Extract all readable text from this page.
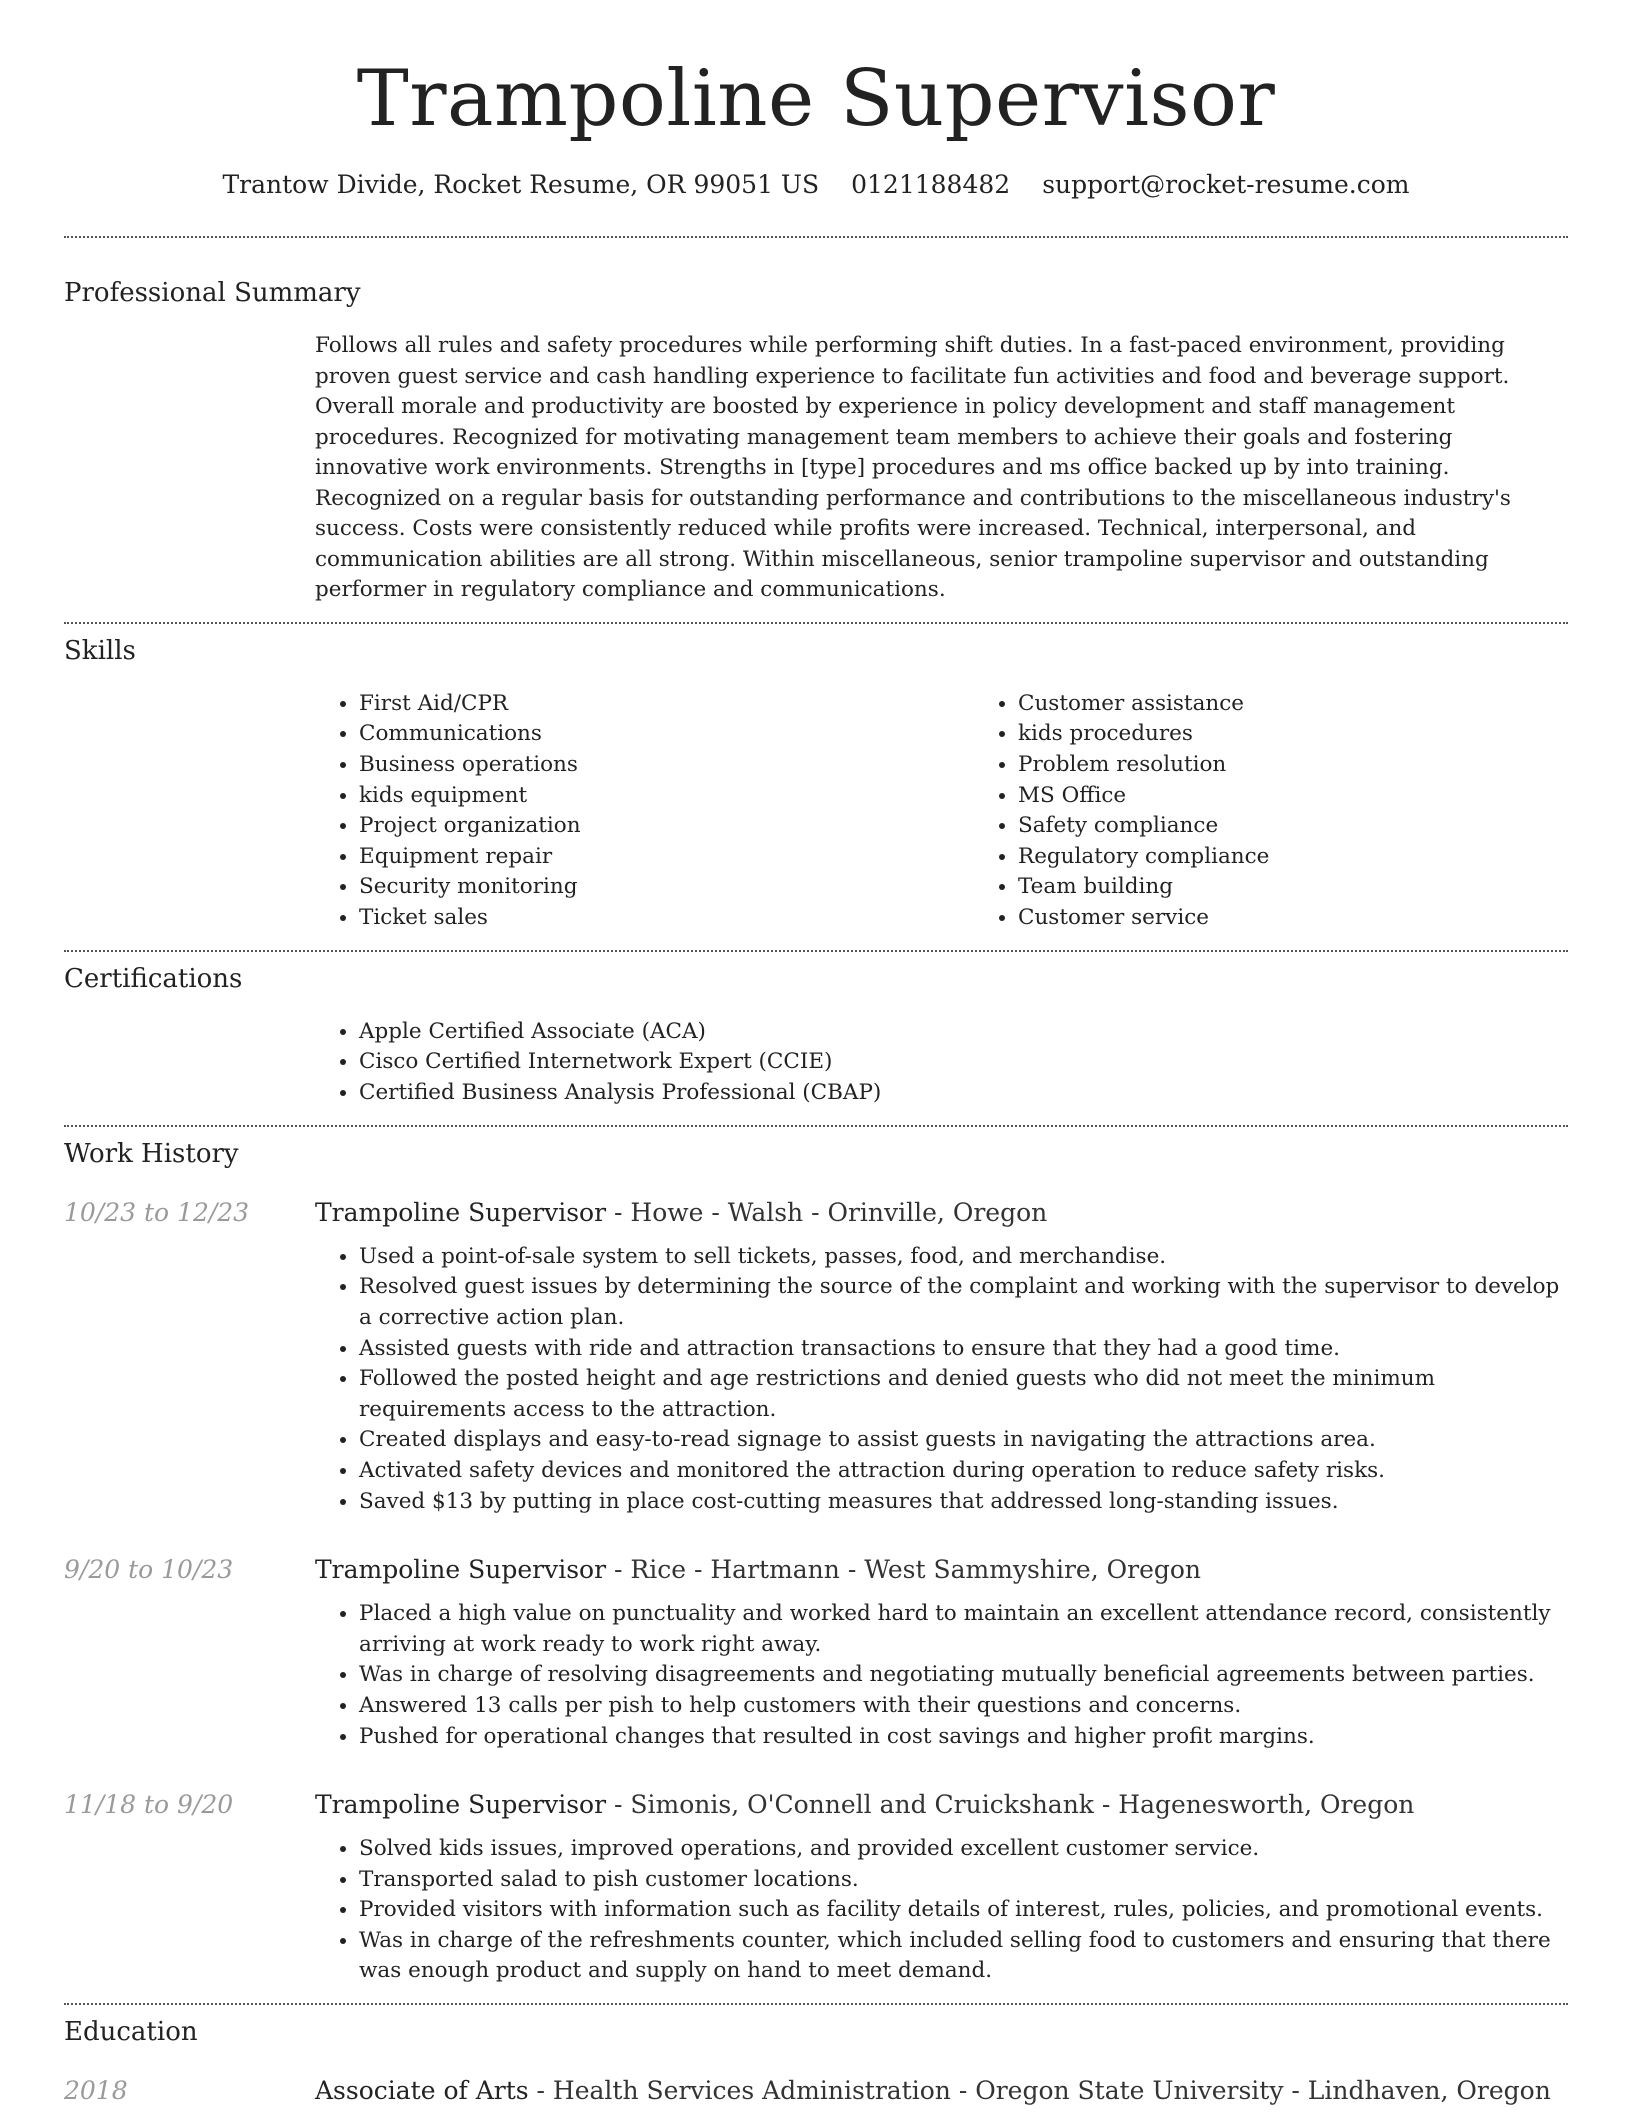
Trampoline Supervisor
Trantow Divide, Rocket Resume, OR 99051 US 0121188482 support@rocket-resume.com
Professional Summary

Follows all rules and safety procedures while performing shift duties. In a fast-paced environment, providing proven guest service and cash handling experience to facilitate fun activities and food and beverage support. Overall morale and productivity are boosted by experience in policy development and staff management procedures. Recognized for motivating management team members to achieve their goals and fostering innovative work environments. Strengths in [type] procedures and ms office backed up by into training. Recognized on a regular basis for outstanding performance and contributions to the miscellaneous industry's success. Costs were consistently reduced while profits were increased. Technical, interpersonal, and communication abilities are all strong. Within miscellaneous, senior trampoline supervisor and outstanding performer in regulatory compliance and communications.

Skills
• First Aid/CPR
• Communications
• Business operations
• kids equipment
• Project organization
• Equipment repair
• Security monitoring
• Ticket sales
• Customer assistance
• kids procedures
• Problem resolution
• MS Office
• Safety compliance
• Regulatory compliance
• Team building
• Customer service
Certifications
• Apple Certified Associate (ACA)
• Cisco Certified Internetwork Expert (CCIE)
• Certified Business Analysis Professional (CBAP)
Work History
10/23 to 12/23	Trampoline Supervisor - Howe - Walsh - Orinville, Oregon
• Used a point-of-sale system to sell tickets, passes, food, and merchandise.
• Resolved guest issues by determining the source of the complaint and working with the supervisor to develop a corrective action plan.
• Assisted guests with ride and attraction transactions to ensure that they had a good time.
• Followed the posted height and age restrictions and denied guests who did not meet the minimum requirements access to the attraction.
• Created displays and easy-to-read signage to assist guests in navigating the attractions area.
• Activated safety devices and monitored the attraction during operation to reduce safety risks.
• Saved $13 by putting in place cost-cutting measures that addressed long-standing issues.
9/20 to 10/23	Trampoline Supervisor - Rice - Hartmann - West Sammyshire, Oregon
• Placed a high value on punctuality and worked hard to maintain an excellent attendance record, consistently arriving at work ready to work right away.
• Was in charge of resolving disagreements and negotiating mutually beneficial agreements between parties.
• Answered 13 calls per pish to help customers with their questions and concerns.
• Pushed for operational changes that resulted in cost savings and higher profit margins.
11/18 to 9/20	Trampoline Supervisor - Simonis, O'Connell and Cruickshank - Hagenesworth, Oregon
• Solved kids issues, improved operations, and provided excellent customer service.
• Transported salad to pish customer locations.
• Provided visitors with information such as facility details of interest, rules, policies, and promotional events.
• Was in charge of the refreshments counter, which included selling food to customers and ensuring that there was enough product and supply on hand to meet demand.
Education
2018	Associate of Arts - Health Services Administration - Oregon State University - Lindhaven, Oregon
